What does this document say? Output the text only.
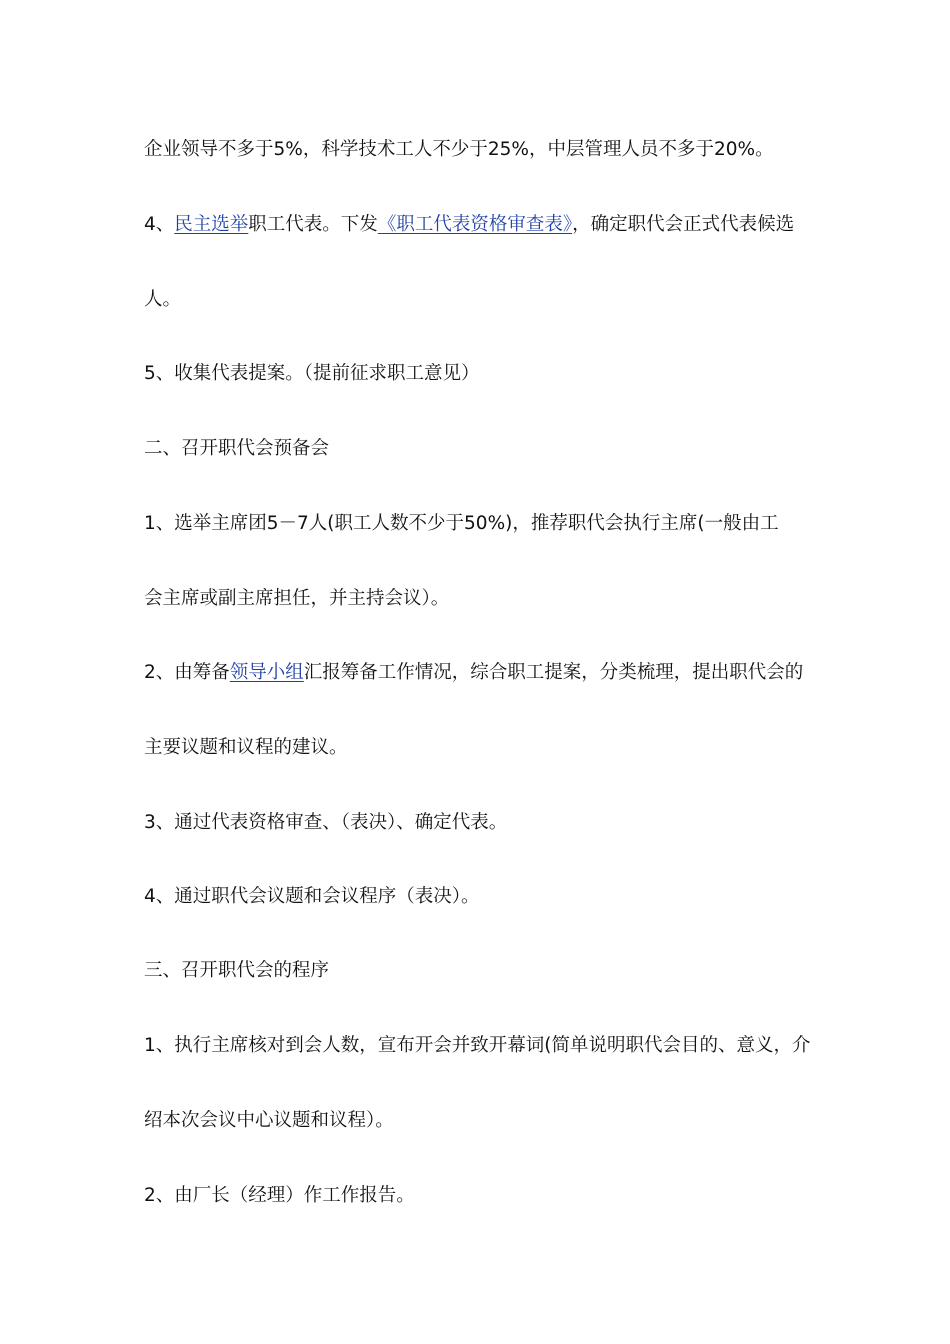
企业领导不多于5%，科学技术工人不少于25%，中层管理人员不多于20%。
4、民主选举职工代表。下发《职工代表资格审查表》，确定职代会正式代表候选
人。
5、收集代表提案。（提前征求职工意见）
二、召开职代会预备会
1、选举主席团5－7人(职工人数不少于50%)，推荐职代会执行主席(一般由工
会主席或副主席担任，并主持会议）。
2、由筹备领导小组汇报筹备工作情况，综合职工提案，分类梳理，提出职代会的
主要议题和议程的建议。
3、通过代表资格审查、（表决）、确定代表。
4、通过职代会议题和会议程序（表决）。
三、召开职代会的程序
1、执行主席核对到会人数，宣布开会并致开幕词(简单说明职代会目的、意义，介
绍本次会议中心议题和议程）。
2、由厂长（经理）作工作报告。
